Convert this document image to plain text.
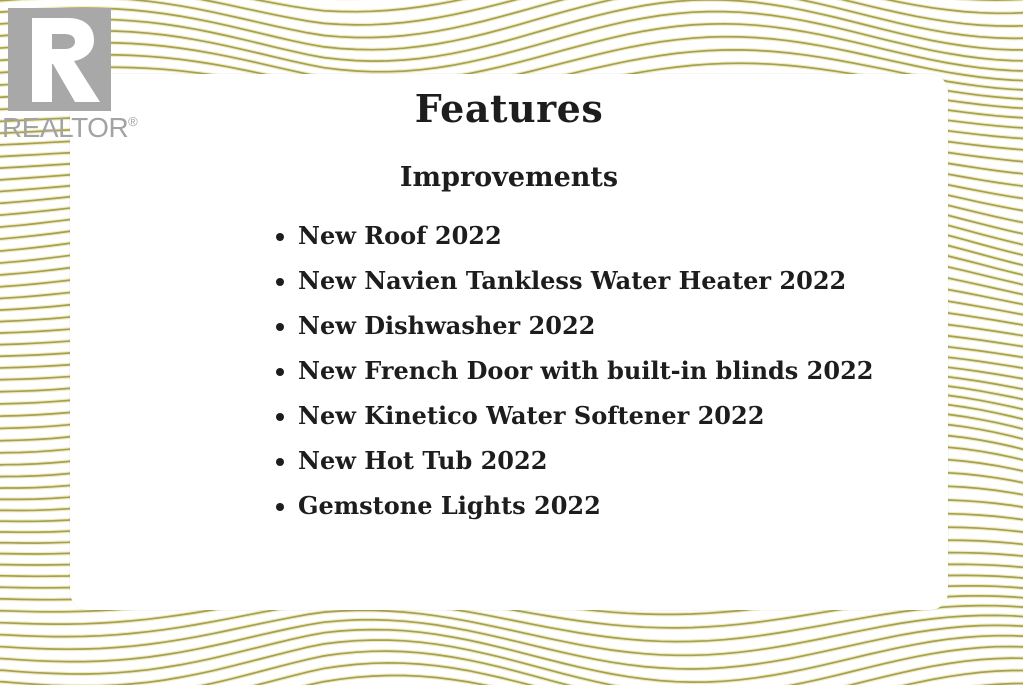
Features
Improvements
• New Roof 2022
• New Navien Tankless Water Heater 2022
• New Dishwasher 2022
• New French Door with built-in blinds 2022
• New Kinetico Water Softener 2022
• New Hot Tub 2022
• Gemstone Lights 2022
REALTOR®
